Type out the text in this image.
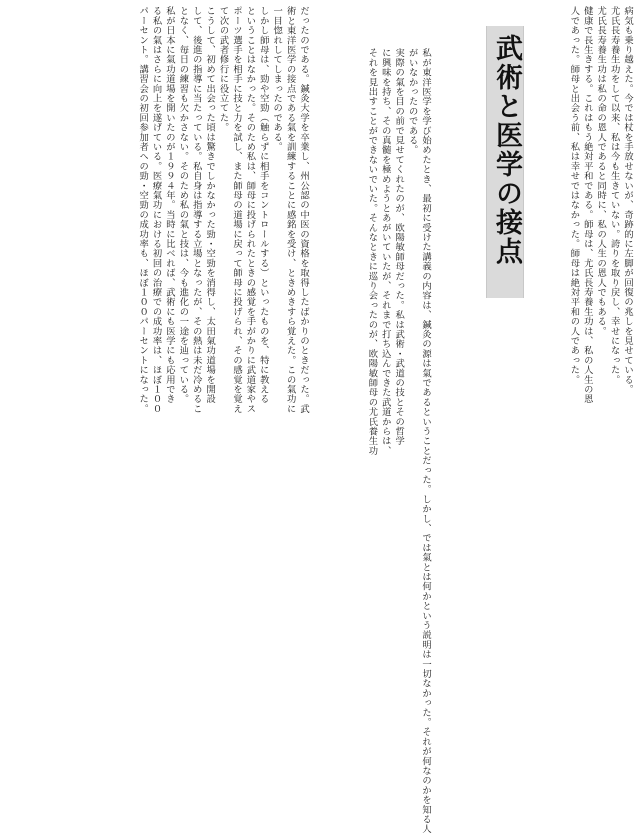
病気も乗り越えた。今では杖を手放せないが、奇跡的に左脚が回復の兆しを見せている。
尤氏長寿養生功をして以来、私は今も生きていない。誇りを取り戻し、幸せになった。
尤氏長寿養生功は私の命の恩人であると同時に、私の人生の恩人でもある。
健康で長生きする。これはもう絶対平和である。師母は、尤氏長寿養生功は、私の人生の恩
人であった。師母と出会う前、私は幸せではなかった。師母は絶対平和の人であった。
武術と医学の接点
私が東洋医学を学び始めたとき、最初に受けた講義の内容は、鍼灸の源は氣であるということだった。しかし、では氣とは何かという説明は一切なかった。それが何なのかを知る人
がいなかったのである。
実際の氣を目の前で見せてくれたのが、欧陽敏師母だった。私は武術・武道の技とその哲学
に興味を持ち、その真髄を極めようとあがいていたが、それまで打ち込んできた武道からは、
それを見出すことができないでいた。そんなときに巡り会ったのが、欧陽敏師母の尤氏養生功
だったのである。鍼灸大学を卒業し、州公認の中医の資格を取得したばかりのときだった。武
術と東洋医学の接点である氣を訓練することに感銘を受け、ときめきすら覚えた。この氣功に
一目惚れしてしまったのである。
しかし師母は、勁や空勁（触らずに相手をコントロールする）といったものを、特に教える
ということはなかった。そのため私は、師母に投げられたときの感覚を手がかりに武道家やス
ポーツ選手を相手に技と力を試し、また師母の道場に戻って師母に投げられ、その感覚を覚え
て次の武者修行に役立てた。
こうして、初めて出会った頃は驚きでしかなかった勁・空勁を消得し、太田氣功道場を開設
して、後進の指導に当たっている。私自身は指導する立場となったが、その熱は未だ冷めるこ
となく、毎日の練習も欠かさない。そのため私の氣と技は、今も進化の一途を辿っている。
私が日本に氣功道場を開いたのが１９９４年。当時に比べれば、武術にも医学にも応用でき
る私の氣はさらに向上を遂げている。医療氣功における初回の治療での成功率は、ほぼ１００
パーセント。講習会の初回参加者への勁・空勁の成功率も、ほぼ１００パーセントになった。
